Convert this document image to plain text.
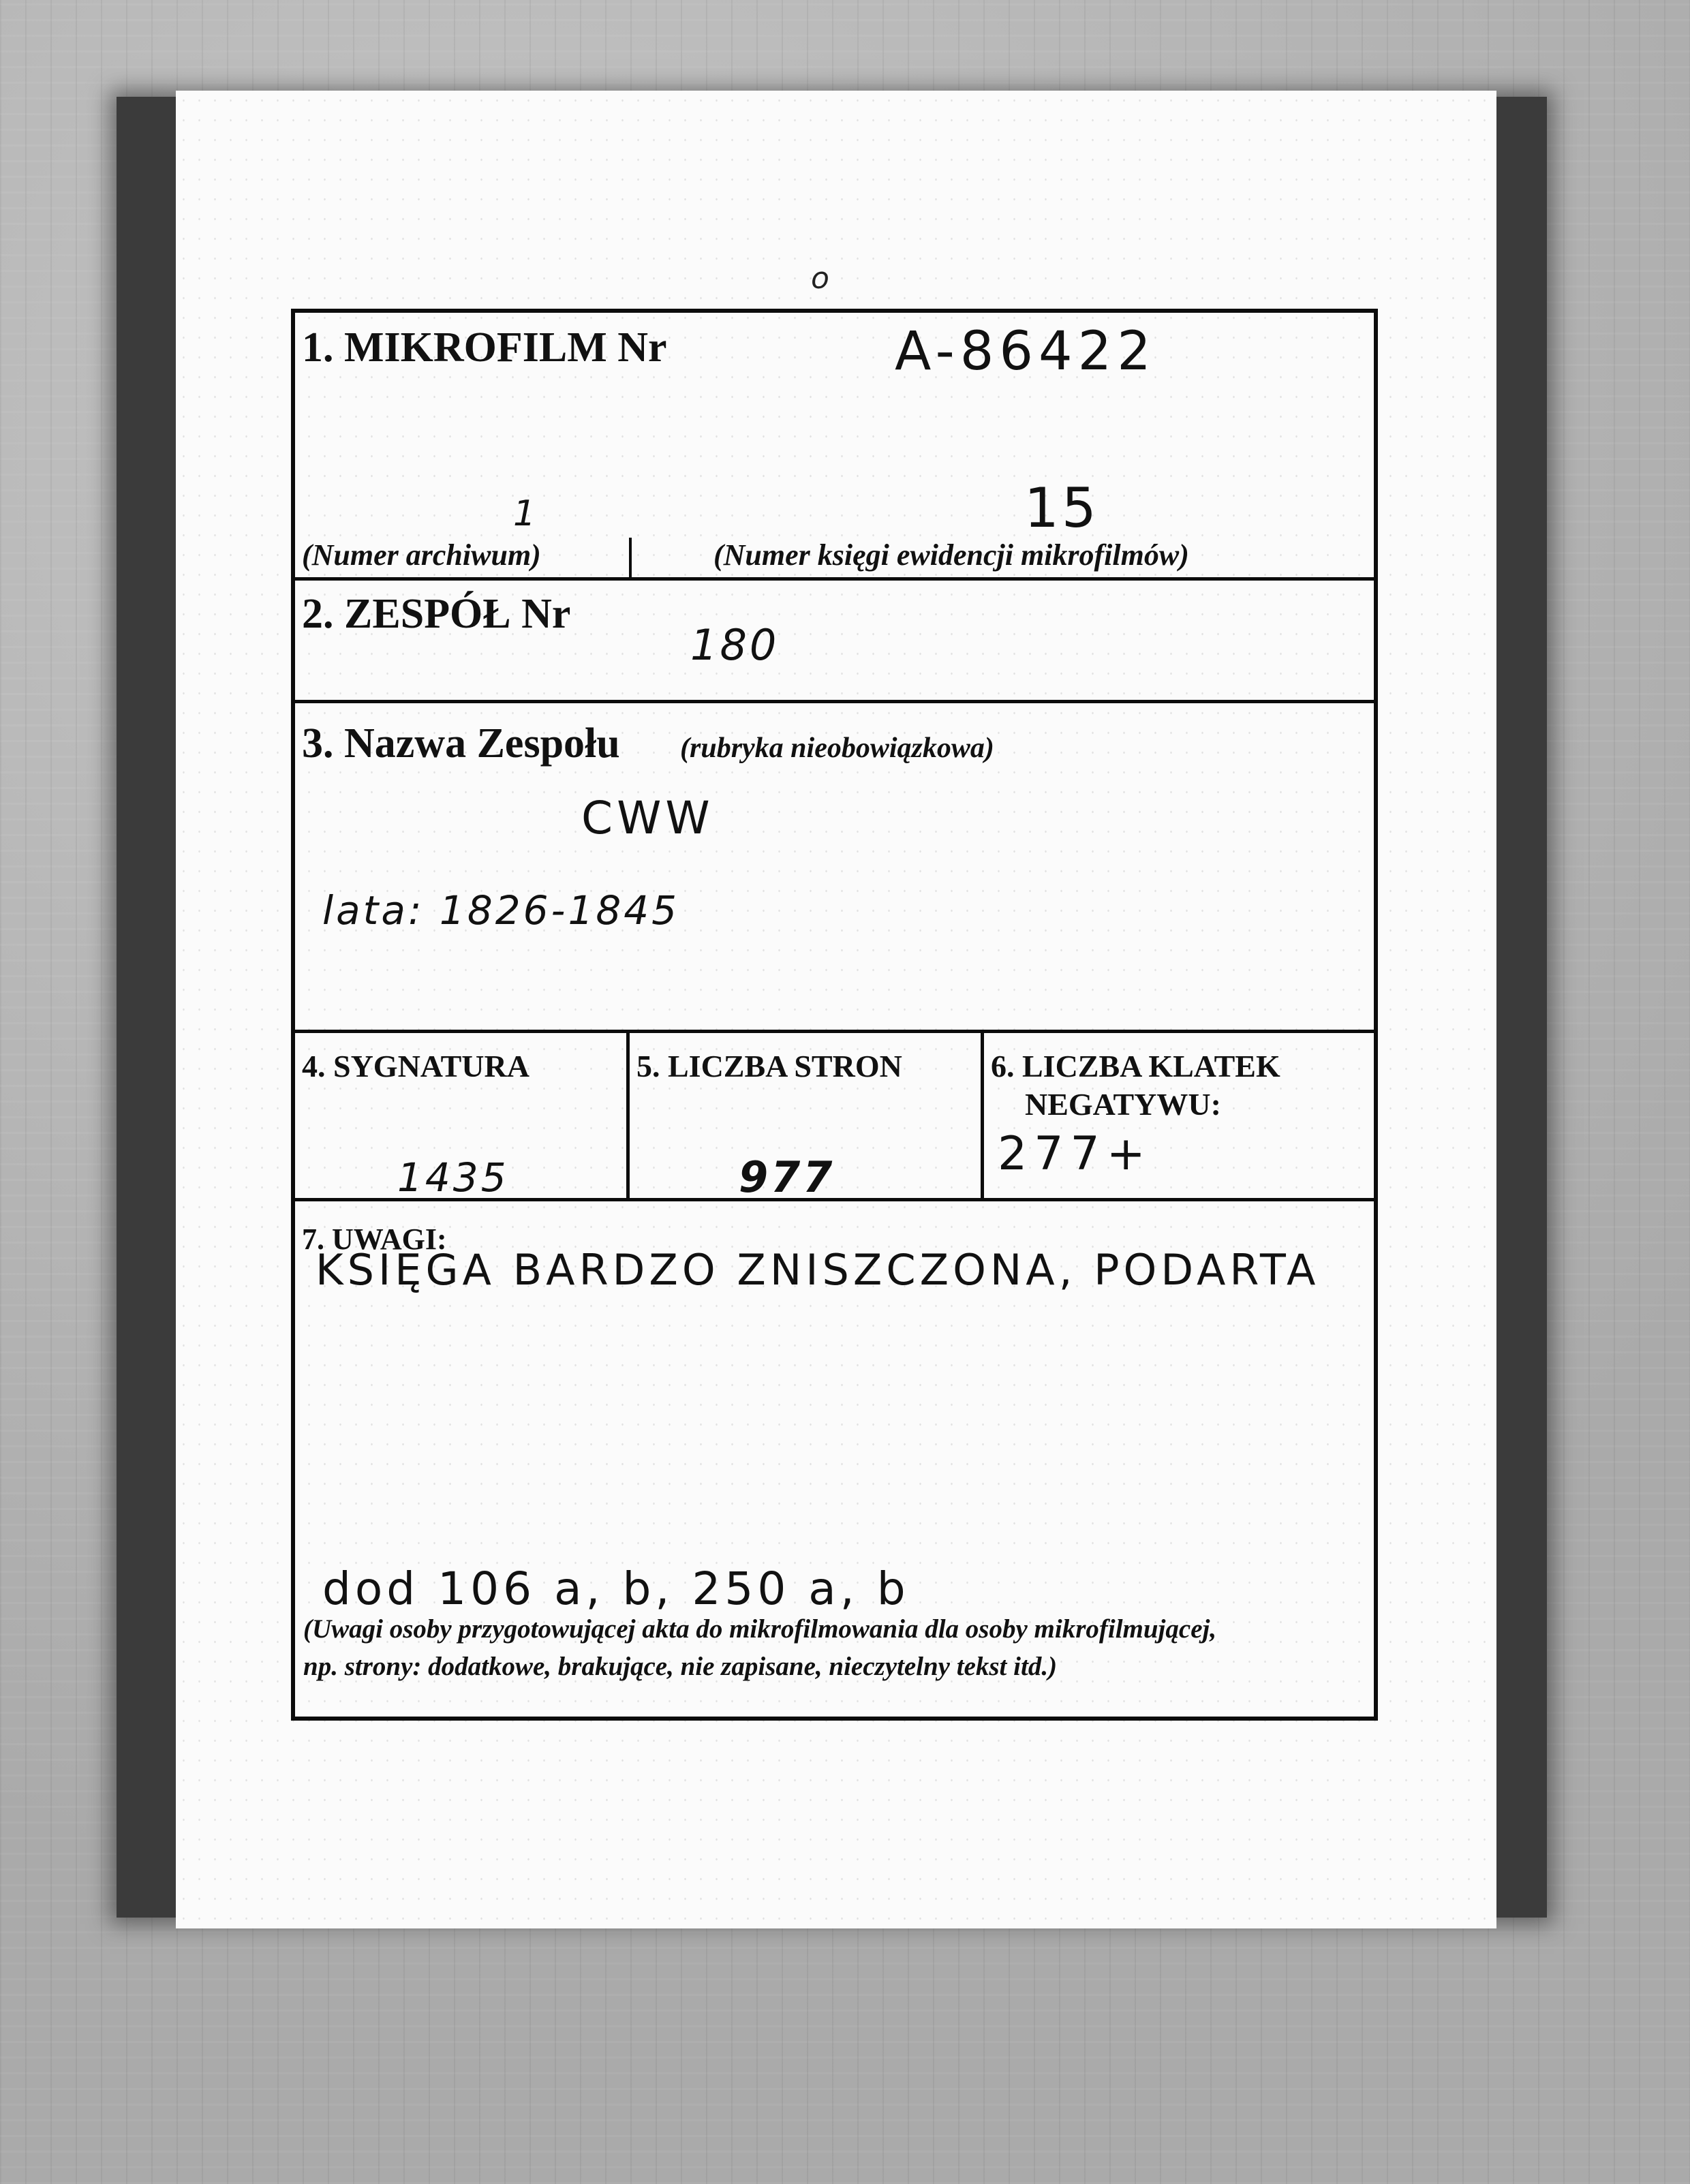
o
1. MIKROFILM Nr	A-86422
1	15
(Numer archiwum)	(Numer księgi ewidencji mikrofilmów)
2. ZESPÓŁ Nr
180
3. Nazwa Zespołu (rubryka nieobowiązkowa)
CWW
lata: 1826-1845
4. SYGNATURA
1435
5. LICZBA STRON
977
6. LICZBA KLATEK
NEGATYWU:
277+
7. UWAGI:
KSIĘGA BARDZO ZNISZCZONA, PODARTA
dod 106 a, b, 250 a, b
(Uwagi osoby przygotowującej akta do mikrofilmowania dla osoby mikrofilmującej,
np. strony: dodatkowe, brakujące, nie zapisane, nieczytelny tekst itd.)
